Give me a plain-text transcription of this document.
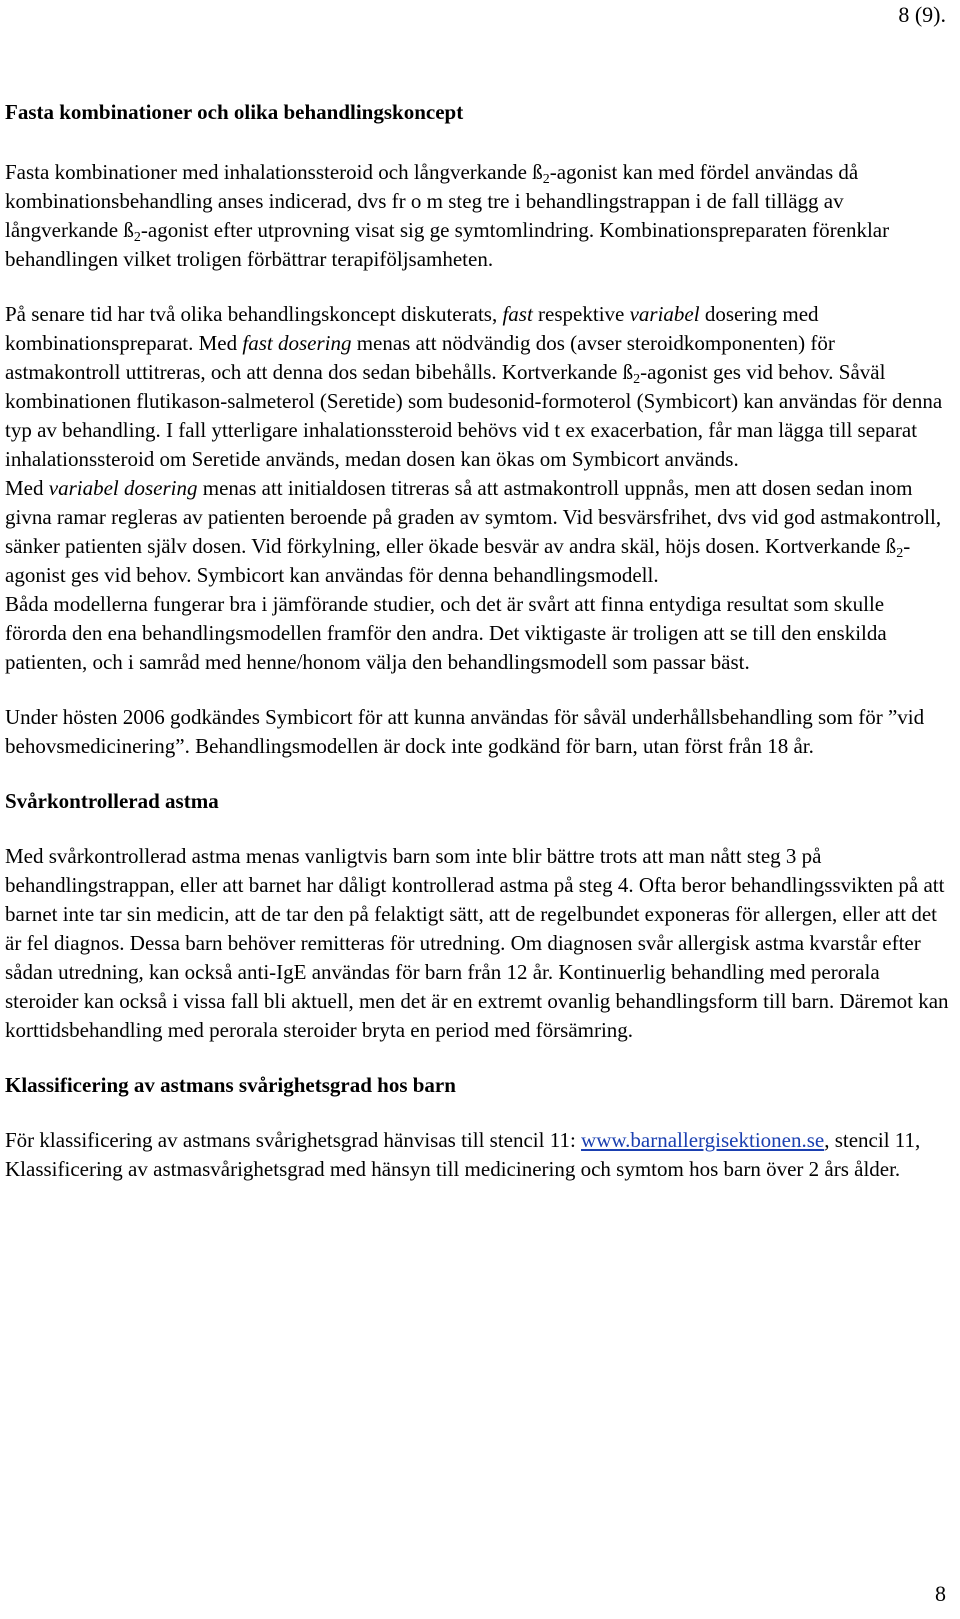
8 (9).
Fasta kombinationer och olika behandlingskoncept

Fasta kombinationer med inhalationssteroid och långverkande $ß_2$-agonist kan med fördel användas då kombinationsbehandling anses indicerad, dvs fr o m steg tre i behandlingstrappan i de fall tillägg av långverkande $ß_2$-agonist efter utprovning visat sig ge symtomlindring. Kombinationspreparaten förenklar behandlingen vilket troligen förbättrar terapiföljsamheten.

På senare tid har två olika behandlingskoncept diskuterats, fast respektive variabel dosering med kombinationspreparat. Med fast dosering menas att nödvändig dos (avser steroidkomponenten) för astmakontroll uttitreras, och att denna dos sedan bibehålls. Kortverkande $ß_2$-agonist ges vid behov. Såväl kombinationen flutikason-salmeterol (Seretide) som budesonid-formoterol (Symbicort) kan användas för denna typ av behandling. I fall ytterligare inhalationssteroid behövs vid t ex exacerbation, får man lägga till separat inhalationssteroid om Seretide används, medan dosen kan ökas om Symbicort används.

Med variabel dosering menas att initialdosen titreras så att astmakontroll uppnås, men att dosen sedan inom givna ramar regleras av patienten beroende på graden av symtom. Vid besvärsfrihet, dvs vid god astmakontroll, sänker patienten själv dosen. Vid förkylning, eller ökade besvär av andra skäl, höjs dosen. Kortverkande $ß_2$-agonist ges vid behov. Symbicort kan användas för denna behandlingsmodell.

Båda modellerna fungerar bra i jämförande studier, och det är svårt att finna entydiga resultat som skulle förorda den ena behandlingsmodellen framför den andra. Det viktigaste är troligen att se till den enskilda patienten, och i samråd med henne/honom välja den behandlingsmodell som passar bäst.

Under hösten 2006 godkändes Symbicort för att kunna användas för såväl underhållsbehandling som för ”vid behovsmedicinering”. Behandlingsmodellen är dock inte godkänd för barn, utan först från 18 år.

Svårkontrollerad astma

Med svårkontrollerad astma menas vanligtvis barn som inte blir bättre trots att man nått steg 3 på behandlingstrappan, eller att barnet har dåligt kontrollerad astma på steg 4. Ofta beror behandlingssvikten på att barnet inte tar sin medicin, att de tar den på felaktigt sätt, att de regelbundet exponeras för allergen, eller att det är fel diagnos. Dessa barn behöver remitteras för utredning. Om diagnosen svår allergisk astma kvarstår efter sådan utredning, kan också anti-IgE användas för barn från 12 år. Kontinuerlig behandling med perorala steroider kan också i vissa fall bli aktuell, men det är en extremt ovanlig behandlingsform till barn. Däremot kan korttidsbehandling med perorala steroider bryta en period med försämring.

Klassificering av astmans svårighetsgrad hos barn

För klassificering av astmans svårighetsgrad hänvisas till stencil 11: www.barnallergisektionen.se, stencil 11, Klassificering av astmasvårighetsgrad med hänsyn till medicinering och symtom hos barn över 2 års ålder.

8
